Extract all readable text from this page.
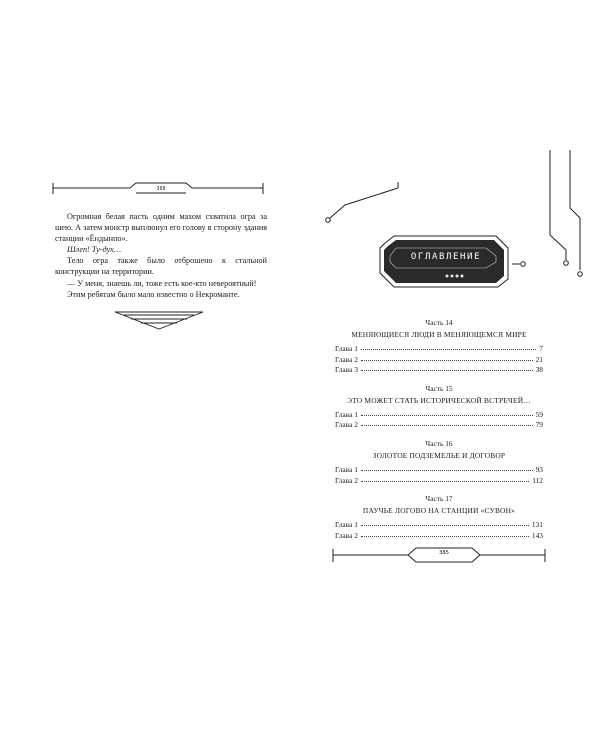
388

Огромная белая пасть одним махом схватила огра за шею. А затем монстр выплюнул его голову в сторону здания станции «Ёндынпо».

Шлеп! Ту-дух…

Тело огра также было отброшено к стальной конструкции на территории.

— У меня, знаешь ли, тоже есть кое-кто невероятный!

Этим ребятам было мало известно о Некроманте.

ОГЛАВЛЕНИЕ
Часть 14
МЕНЯЮЩИЕСЯ ЛЮДИ В МЕНЯЮЩЕМСЯ МИРЕ
Глава 1	7
Глава 2	21
Глава 3	38
Часть 15
ЭТО МОЖЕТ СТАТЬ ИСТОРИЧЕСКОЙ ВСТРЕЧЕЙ…
Глава 1	59
Глава 2	79
Часть 16
ЗОЛОТОЕ ПОДЗЕМЕЛЬЕ И ДОГОВОР
Глава 1	93
Глава 2	112
Часть 17
ПАУЧЬЕ ЛОГОВО НА СТАНЦИИ «СУВОН»
Глава 1	131
Глава 2	143
385
